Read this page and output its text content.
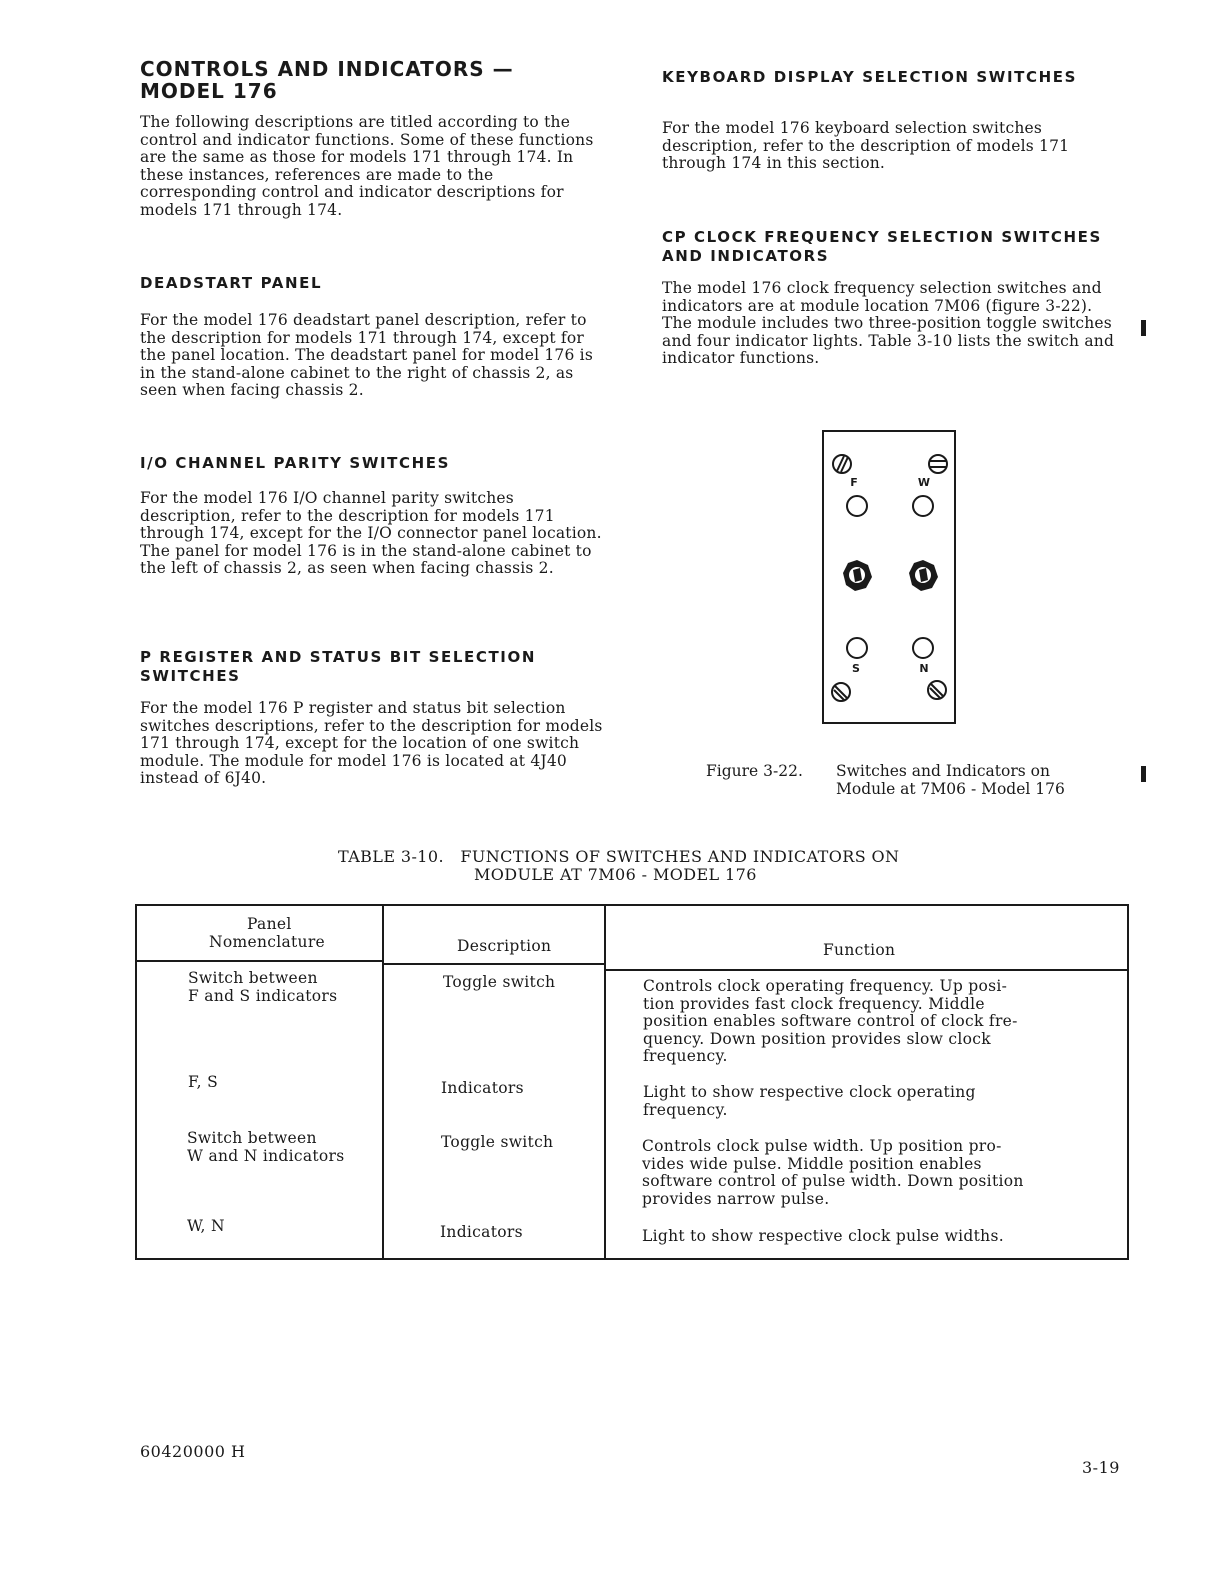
CONTROLS AND INDICATORS —
MODEL 176

The following descriptions are titled according to the control and indicator functions. Some of these functions are the same as those for models 171 through 174. In these instances, references are made to the corresponding control and indicator descriptions for models 171 through 174.

DEADSTART PANEL

For the model 176 deadstart panel description, refer to the description for models 171 through 174, except for the panel location. The deadstart panel for model 176 is in the stand-alone cabinet to the right of chassis 2, as seen when facing chassis 2.

I/O CHANNEL PARITY SWITCHES

For the model 176 I/O channel parity switches description, refer to the description for models 171 through 174, except for the I/O connector panel location. The panel for model 176 is in the stand-alone cabinet to the left of chassis 2, as seen when facing chassis 2.

P REGISTER AND STATUS BIT SELECTION
SWITCHES

For the model 176 P register and status bit selection switches descriptions, refer to the description for models 171 through 174, except for the location of one switch module. The module for model 176 is located at 4J40 instead of 6J40.

KEYBOARD DISPLAY SELECTION SWITCHES

For the model 176 keyboard selection switches description, refer to the description of models 171 through 174 in this section.

CP CLOCK FREQUENCY SELECTION SWITCHES
AND INDICATORS

The model 176 clock frequency selection switches and indicators are at module location 7M06 (figure 3-22). The module includes two three-position toggle switches and four indicator lights. Table 3-10 lists the switch and indicator functions.

F	W
S	N
Figure 3-22. Switches and Indicators on
Module at 7M06 - Model 176
TABLE 3-10.   FUNCTIONS OF SWITCHES AND INDICATORS ON
MODULE AT 7M06 - MODEL 176
Panel
Nomenclature	Description	Function
Switch between
F and S indicators
Toggle switch	Controls clock operating frequency. Up posi-
tion provides fast clock frequency. Middle
position enables software control of clock fre-
quency. Down position provides slow clock
frequency.
F, S	Indicators	Light to show respective clock operating
frequency.
Switch between
W and N indicators
Toggle switch	Controls clock pulse width. Up position pro-
vides wide pulse. Middle position enables
software control of pulse width. Down position
provides narrow pulse.
W, N	Indicators	Light to show respective clock pulse widths.
60420000 H
3-19
